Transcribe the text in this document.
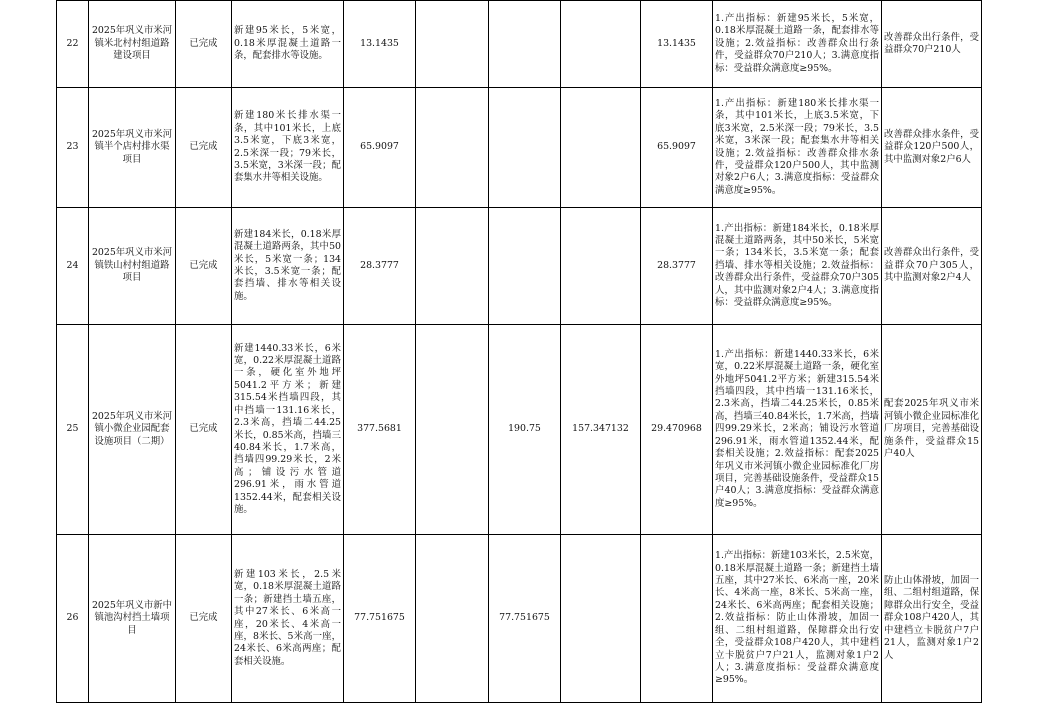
22	2025年巩义市米河镇米北村村组道路建设项目	已完成	新建95米长，5米宽，0.18米厚混凝土道路一条，配套排水等设施。	13.1435				13.1435	1.产出指标：新建95米长，5米宽，0.18米厚混凝土道路一条，配套排水等设施；2.效益指标：改善群众出行条件，受益群众70户210人；3.满意度指标：受益群众满意度≥95%。	改善群众出行条件，受益群众70户210人
23	2025年巩义市米河镇半个店村排水渠项目	已完成	新建180米长排水渠一条，其中101米长，上底3.5米宽，下底3米宽，2.5米深一段；79米长，3.5米宽，3米深一段；配套集水井等相关设施。	65.9097				65.9097	1.产出指标：新建180米长排水渠一条，其中101米长，上底3.5米宽，下底3米宽，2.5米深一段；79米长，3.5米宽，3米深一段；配套集水井等相关设施；2.效益指标：改善群众排水条件，受益群众120户500人，其中监测对象2户6人；3.满意度指标：受益群众满意度≥95%。	改善群众排水条件，受益群众120户500人，其中监测对象2户6人
24	2025年巩义市米河镇铁山村村组道路项目	已完成	新建184米长，0.18米厚混凝土道路两条，其中50米长，5米宽一条；134米长，3.5米宽一条；配套挡墙、排水等相关设施。	28.3777				28.3777	1.产出指标：新建184米长，0.18米厚混凝土道路两条，其中50米长，5米宽一条；134米长，3.5米宽一条；配套挡墙、排水等相关设施；2.效益指标：改善群众出行条件，受益群众70户305人，其中监测对象2户4人；3.满意度指标：受益群众满意度≥95%。	改善群众出行条件，受益群众70户305人，其中监测对象2户4人
25	2025年巩义市米河镇小微企业园配套设施项目（二期）	已完成	新建1440.33米长，6米宽，0.22米厚混凝土道路一条，硬化室外地坪5041.2平方米；新建315.54米挡墙四段，其中挡墙一131.16米长，2.3米高，挡墙二44.25米长，0.85米高，挡墙三40.84米长，1.7米高，挡墙四99.29米长，2米高；铺设污水管道296.91米，雨水管道1352.44米，配套相关设施。	377.5681		190.75	157.347132	29.470968	1.产出指标：新建1440.33米长，6米宽，0.22米厚混凝土道路一条，硬化室外地坪5041.2平方米；新建315.54米挡墙四段，其中挡墙一131.16米长，2.3米高，挡墙二44.25米长，0.85米高，挡墙三40.84米长，1.7米高，挡墙四99.29米长，2米高；铺设污水管道296.91米，雨水管道1352.44米，配套相关设施；2.效益指标：配套2025年巩义市米河镇小微企业园标准化厂房项目，完善基础设施条件，受益群众15户40人；3.满意度指标：受益群众满意度≥95%。	配套2025年巩义市米河镇小微企业园标准化厂房项目，完善基础设施条件，受益群众15户40人
26	2025年巩义市新中镇池沟村挡土墙项目	已完成	新建103米长，2.5米宽，0.18米厚混凝土道路一条；新建挡土墙五座，其中27米长、6米高一座，20米长、4米高一座，8米长、5米高一座，24米长、6米高两座；配套相关设施。	77.751675		77.751675			1.产出指标：新建103米长，2.5米宽，0.18米厚混凝土道路一条；新建挡土墙五座，其中27米长、6米高一座，20米长、4米高一座，8米长、5米高一座，24米长、6米高两座；配套相关设施；2.效益指标：防止山体滑坡，加固一组、二组村组道路，保障群众出行安全，受益群众108户420人，其中建档立卡脱贫户7户21人，监测对象1户2人；3.满意度指标：受益群众满意度≥95%。	防止山体滑坡，加固一组、二组村组道路，保障群众出行安全，受益群众108户420人，其中建档立卡脱贫户7户21人，监测对象1户2人
